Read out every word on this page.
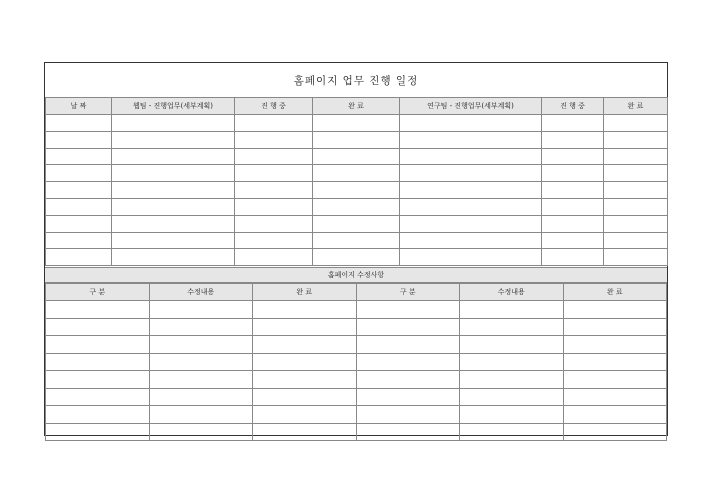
홈페이지 업무 진행 일정
날 짜	웹팀 - 진행업무(세부계획)	진 행 중	완 료	연구팀 - 진행업무(세부계획)	진 행 중	완 료

홈페이지 수정사항
구 분	수정내용	완 료	구 분	수정내용	완 료
